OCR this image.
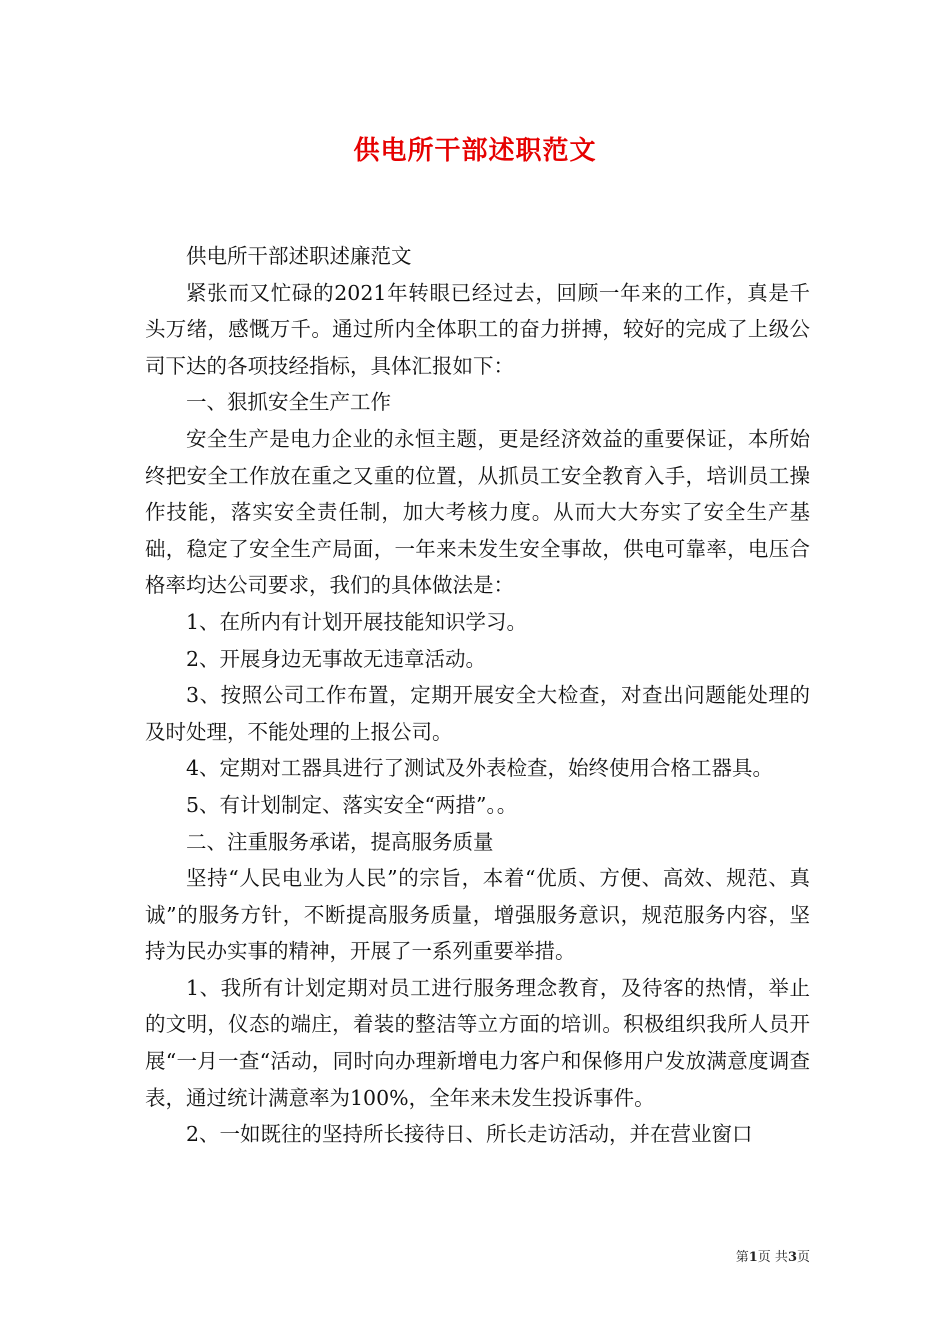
供电所干部述职范文

供电所干部述职述廉范文

紧张而又忙碌的2021年转眼已经过去，回顾一年来的工作，真是千头万绪，感慨万千。通过所内全体职工的奋力拼搏，较好的完成了上级公司下达的各项技经指标，具体汇报如下：

一、狠抓安全生产工作

安全生产是电力企业的永恒主题，更是经济效益的重要保证，本所始终把安全工作放在重之又重的位置，从抓员工安全教育入手，培训员工操作技能，落实安全责任制，加大考核力度。从而大大夯实了安全生产基础，稳定了安全生产局面，一年来未发生安全事故，供电可靠率，电压合格率均达公司要求，我们的具体做法是：

1、在所内有计划开展技能知识学习。

2、开展身边无事故无违章活动。

3、按照公司工作布置，定期开展安全大检查，对查出问题能处理的及时处理，不能处理的上报公司。

4、定期对工器具进行了测试及外表检查，始终使用合格工器具。

5、有计划制定、落实安全“两措”。。

二、注重服务承诺，提高服务质量

坚持“人民电业为人民”的宗旨，本着“优质、方便、高效、规范、真诚”的服务方针，不断提高服务质量，增强服务意识，规范服务内容，坚持为民办实事的精神，开展了一系列重要举措。

1、我所有计划定期对员工进行服务理念教育，及待客的热情，举止的文明，仪态的端庄，着装的整洁等立方面的培训。积极组织我所人员开展“一月一查“活动，同时向办理新增电力客户和保修用户发放满意度调查表，通过统计满意率为100%，全年来未发生投诉事件。

2、一如既往的坚持所长接待日、所长走访活动，并在营业窗口

第1页 共3页
